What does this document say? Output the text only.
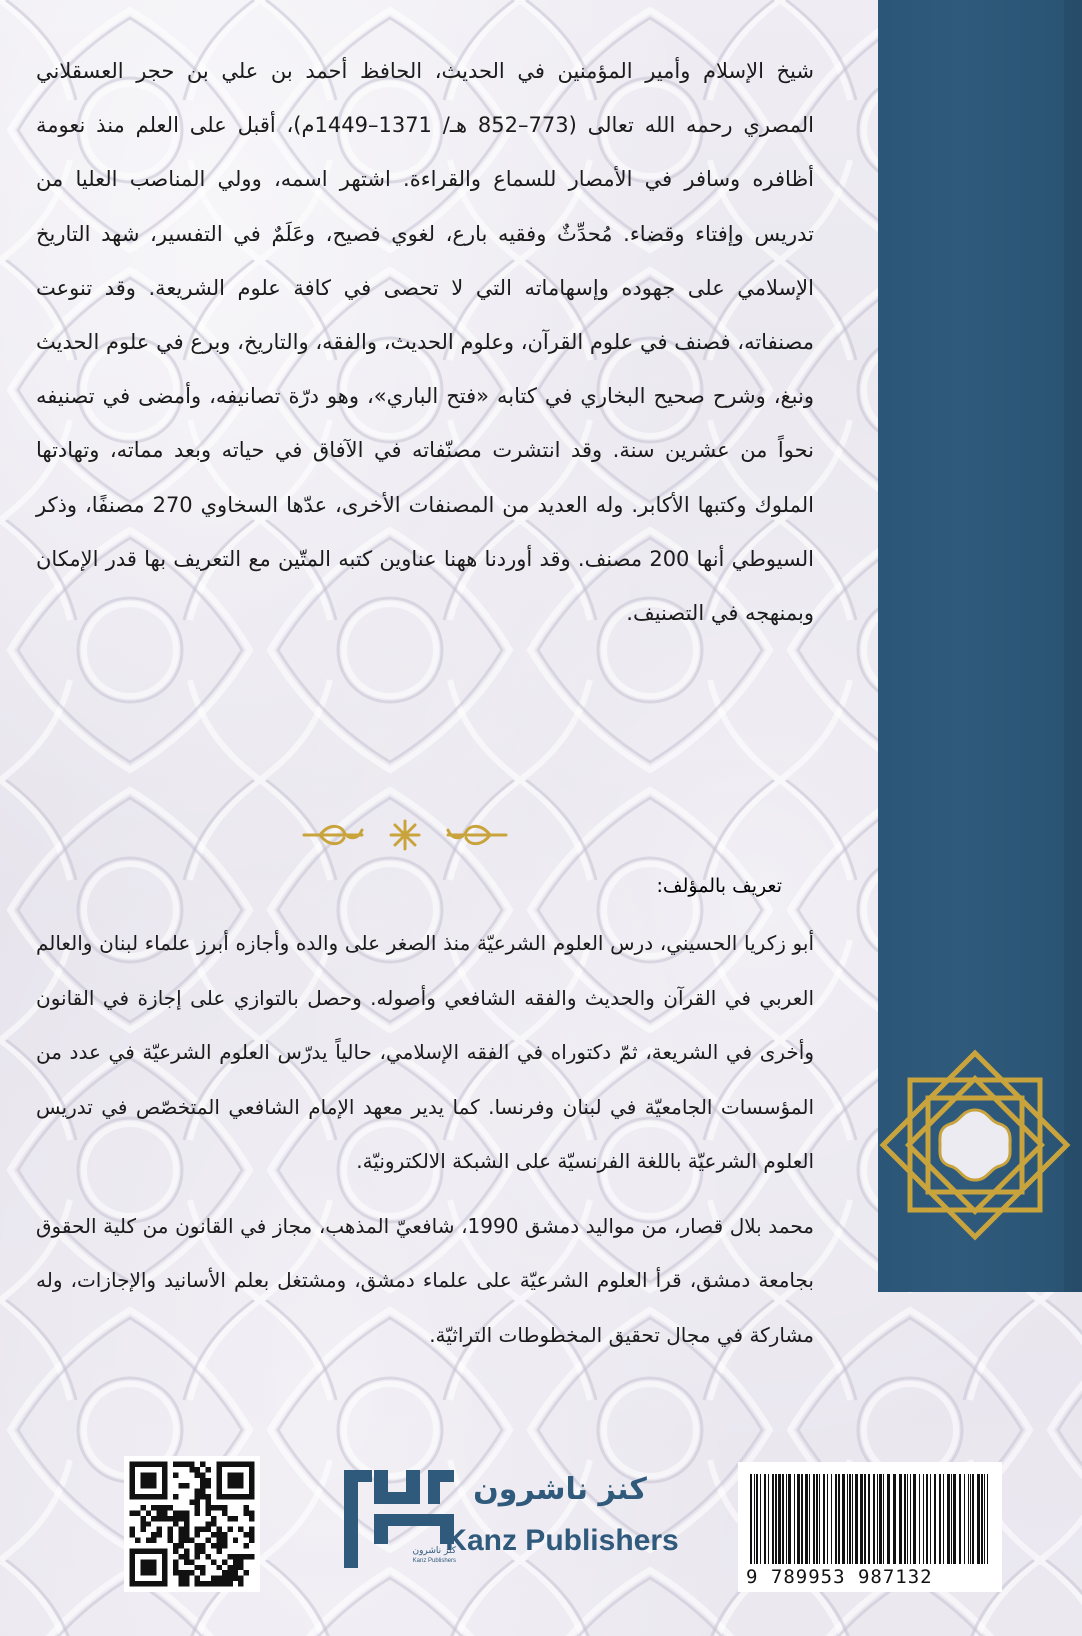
شيخ الإسلام وأمير المؤمنين في الحديث، الحافظ أحمد بن علي بن حجر العسقلاني المصري رحمه الله تعالى (773–852 هـ/ 1371–1449م)، أقبل على العلم منذ نعومة أظافره وسافر في الأمصار للسماع والقراءة. اشتهر اسمه، وولي المناصب العليا من تدريس وإفتاء وقضاء. مُحدِّثٌ وفقيه بارع، لغوي فصيح، وعَلَمٌ في التفسير، شهد التاريخ الإسلامي على جهوده وإسهاماته التي لا تحصى في كافة علوم الشريعة. وقد تنوعت مصنفاته، فصنف في علوم القرآن، وعلوم الحديث، والفقه، والتاريخ، وبرع في علوم الحديث ونبغ، وشرح صحيح البخاري في كتابه «فتح الباري»، وهو درّة تصانيفه، وأمضى في تصنيفه نحواً من عشرين سنة. وقد انتشرت مصنّفاته في الآفاق في حياته وبعد مماته، وتهادتها الملوك وكتبها الأكابر. وله العديد من المصنفات الأخرى، عدّها السخاوي 270 مصنفًا، وذكر السيوطي أنها 200 مصنف. وقد أوردنا ههنا عناوين كتبه المتّين مع التعريف بها قدر الإمكان وبمنهجه في التصنيف.
تعريف بالمؤلف:

أبو زكريا الحسيني، درس العلوم الشرعيّة منذ الصغر على والده وأجازه أبرز علماء لبنان والعالم العربي في القرآن والحديث والفقه الشافعي وأصوله. وحصل بالتوازي على إجازة في القانون وأخرى في الشريعة، ثمّ دكتوراه في الفقه الإسلامي، حالياً يدرّس العلوم الشرعيّة في عدد من المؤسسات الجامعيّة في لبنان وفرنسا. كما يدير معهد الإمام الشافعي المتخصّص في تدريس العلوم الشرعيّة باللغة الفرنسيّة على الشبكة الالكترونيّة.

محمد بلال قصار، من مواليد دمشق 1990، شافعيّ المذهب، مجاز في القانون من كلية الحقوق بجامعة دمشق، قرأ العلوم الشرعيّة على علماء دمشق، ومشتغل بعلم الأسانيد والإجازات، وله مشاركة في مجال تحقيق المخطوطات التراثيّة.

كنز ناشرون
Kanz Publishers
كنز ناشرون
Kanz Publishers
9 789953 987132
